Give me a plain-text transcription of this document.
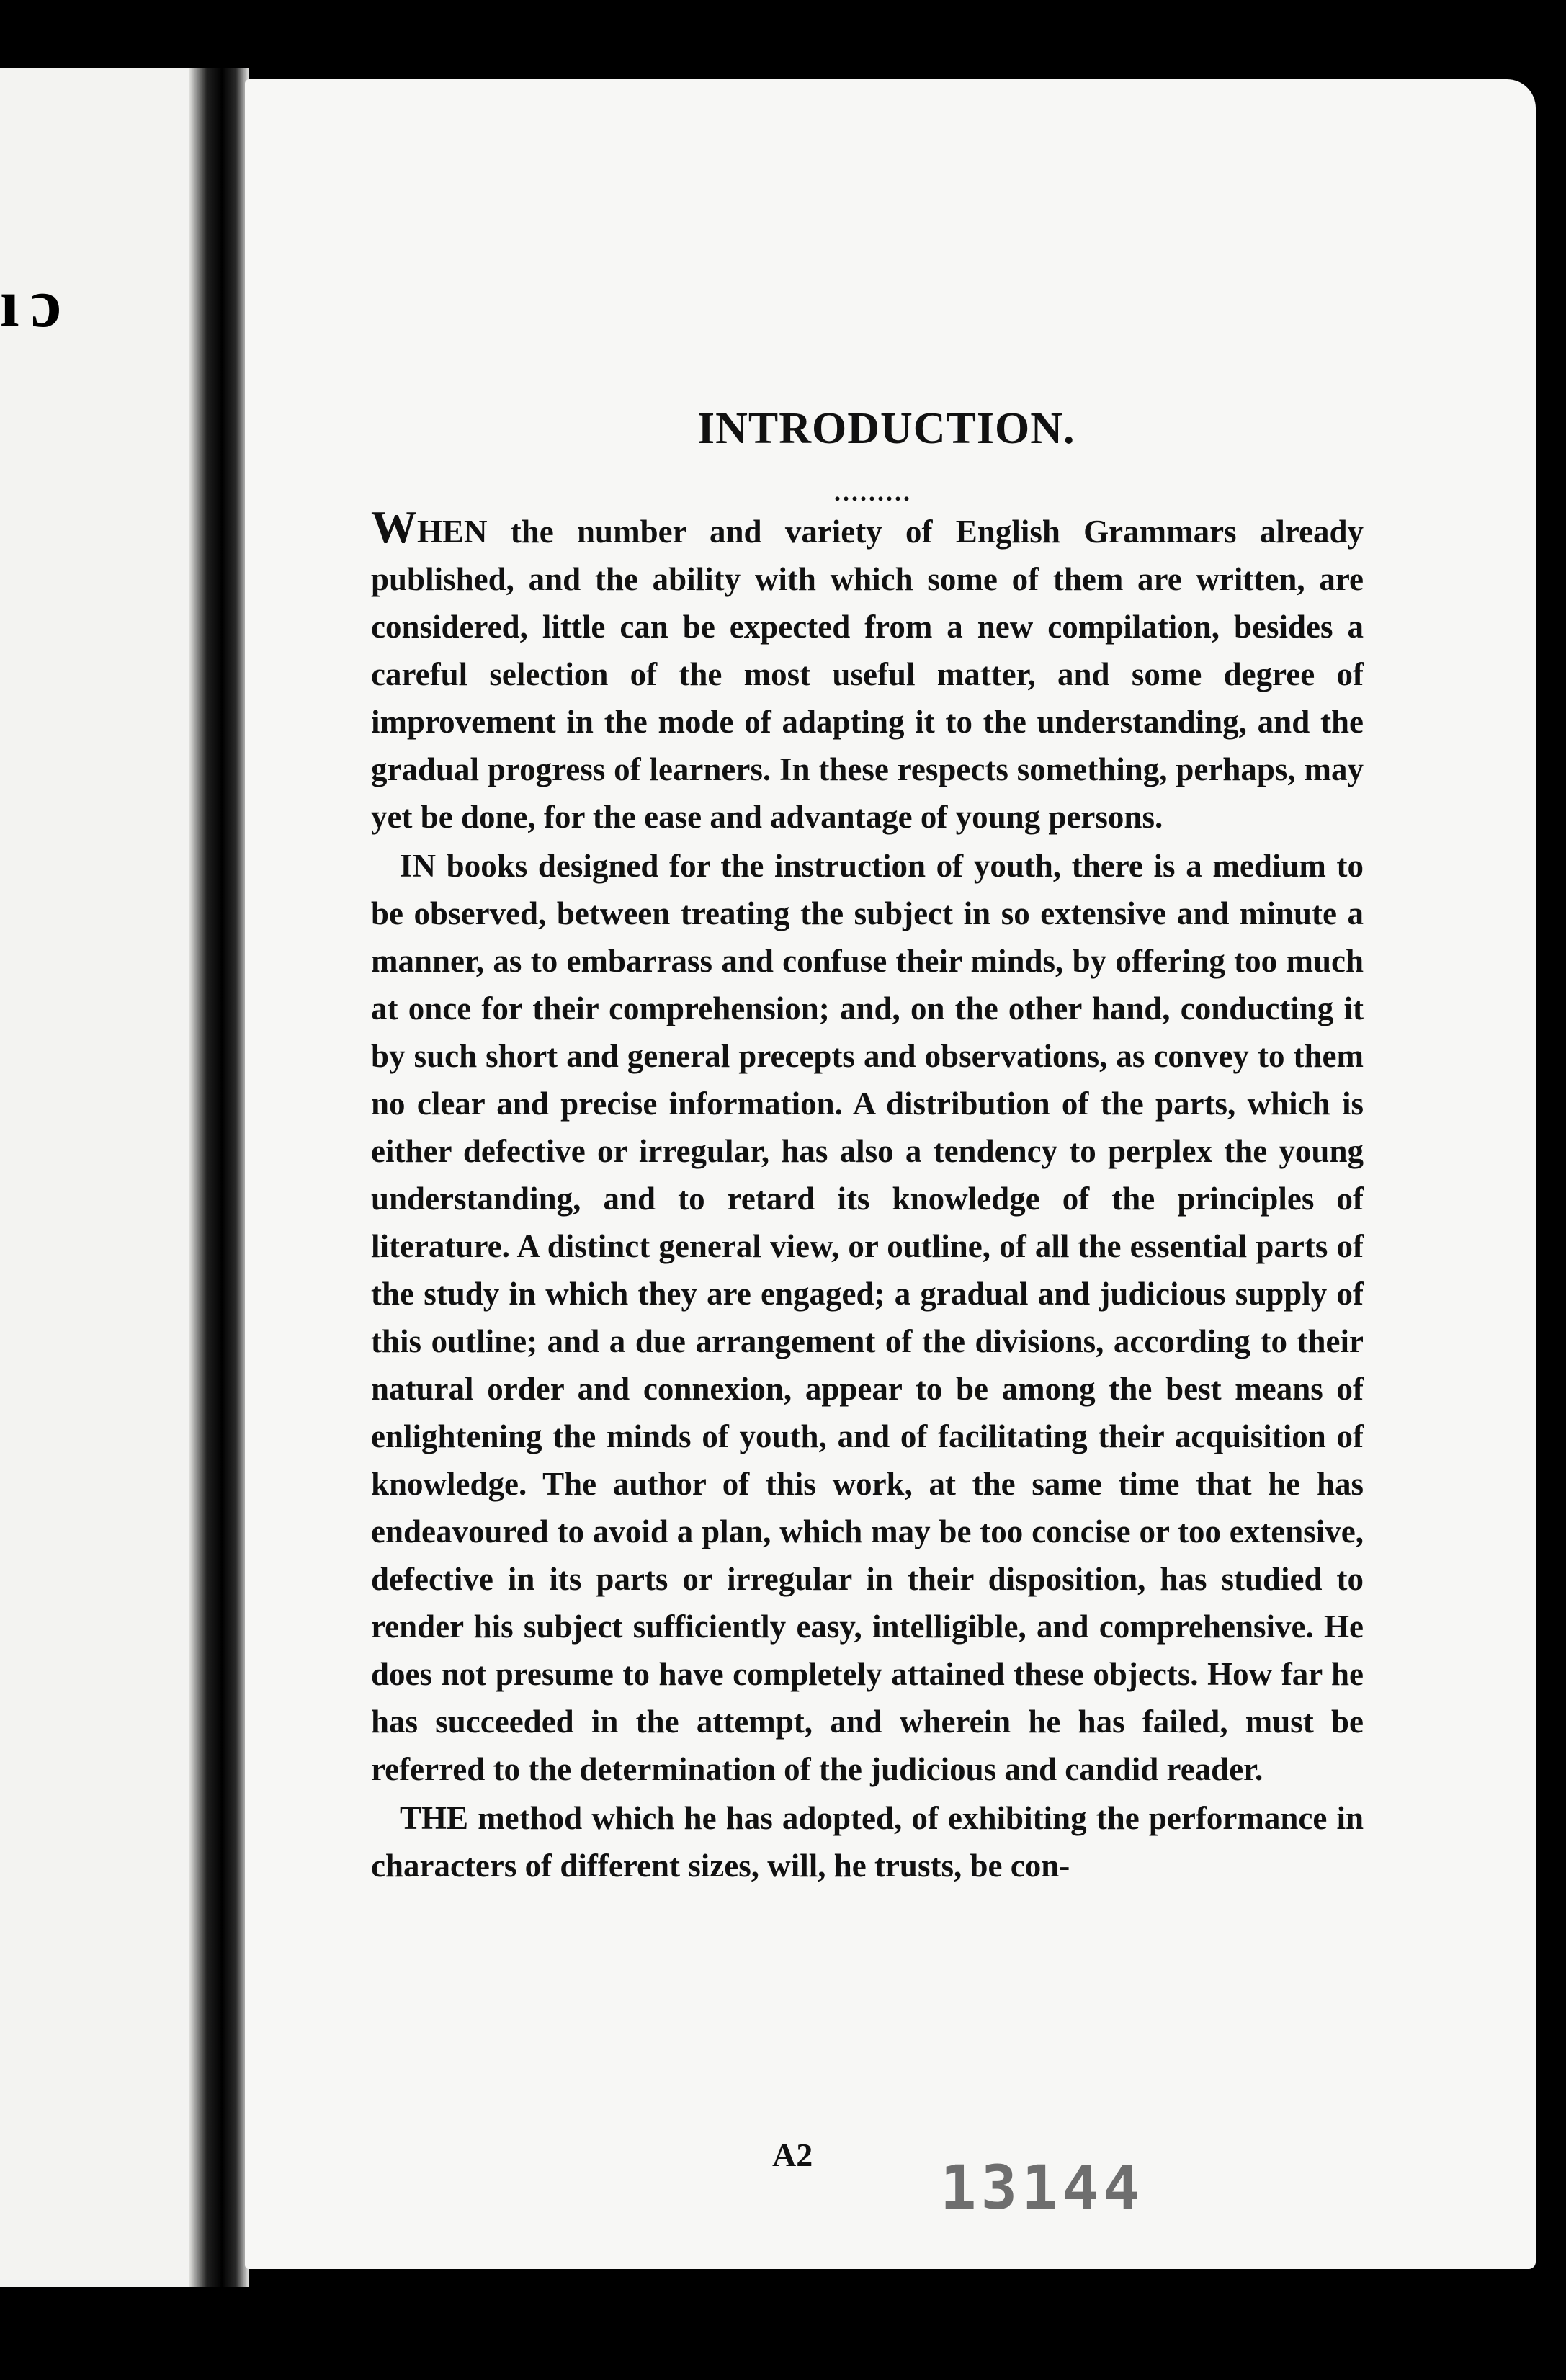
ı ɔ
INTRODUCTION.
.........

WHEN the number and variety of English Grammars already published, and the ability with which some of them are written, are considered, little can be expected from a new compilation, besides a careful selection of the most useful matter, and some degree of improvement in the mode of adapting it to the understanding, and the gradual progress of learners. In these respects something, perhaps, may yet be done, for the ease and advantage of young persons.

IN books designed for the instruction of youth, there is a medium to be observed, between treating the subject in so extensive and minute a manner, as to embarrass and confuse their minds, by offering too much at once for their comprehension; and, on the other hand, conducting it by such short and general precepts and observations, as convey to them no clear and precise information. A distribution of the parts, which is either defective or irregular, has also a tendency to perplex the young understanding, and to retard its knowledge of the principles of literature. A distinct general view, or outline, of all the essential parts of the study in which they are engaged; a gradual and judicious supply of this outline; and a due arrangement of the divisions, according to their natural order and connexion, appear to be among the best means of enlightening the minds of youth, and of facilitating their acquisition of knowledge. The author of this work, at the same time that he has endeavoured to avoid a plan, which may be too concise or too extensive, defective in its parts or irregular in their disposition, has studied to render his subject sufficiently easy, intelligible, and comprehensive. He does not presume to have completely attained these objects. How far he has succeeded in the attempt, and wherein he has failed, must be referred to the determination of the judicious and candid reader.

THE method which he has adopted, of exhibiting the performance in characters of different sizes, will, he trusts, be con-

A2 13144
